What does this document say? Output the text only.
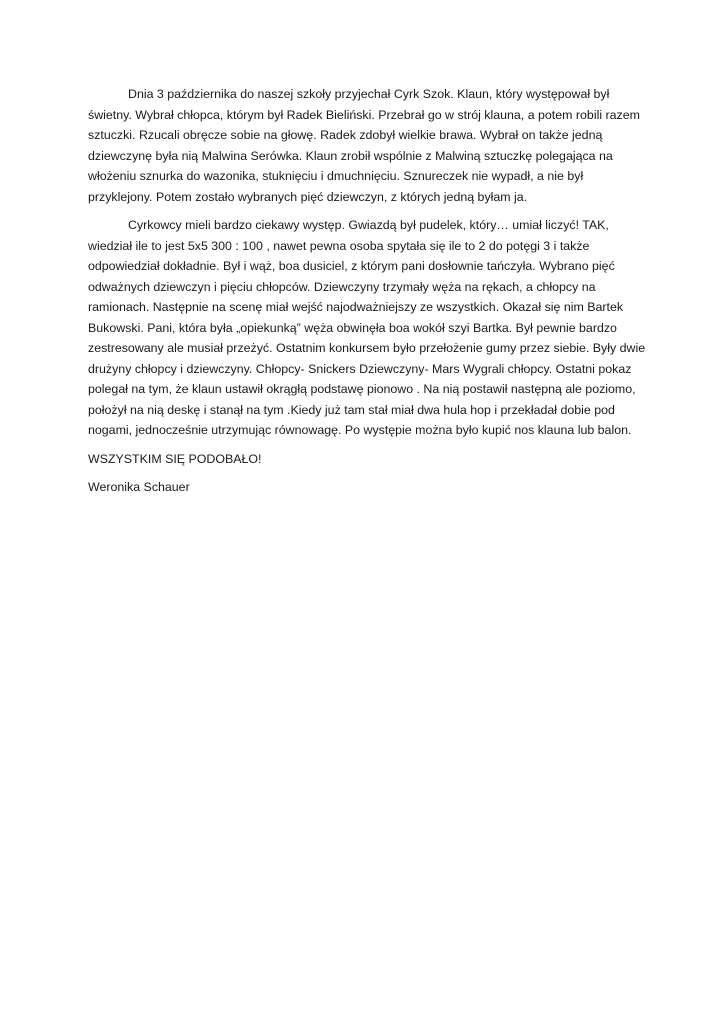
Dnia 3 października do naszej szkoły przyjechał Cyrk Szok. Klaun, który występował był
świetny. Wybrał chłopca, którym był Radek Bieliński. Przebrał go w strój klauna, a potem robili razem
sztuczki. Rzucali obręcze sobie na głowę. Radek zdobył wielkie brawa. Wybrał on także jedną
dziewczynę była nią Malwina Serówka. Klaun zrobił wspólnie z Malwiną sztuczkę polegająca na
włożeniu sznurka do wazonika, stuknięciu i dmuchnięciu. Sznureczek nie wypadł, a nie był
przyklejony. Potem zostało wybranych pięć dziewczyn, z których jedną byłam ja.
Cyrkowcy mieli bardzo ciekawy występ. Gwiazdą był pudelek, który… umiał liczyć! TAK,
wiedział ile to jest 5x5 300 : 100 , nawet pewna osoba spytała się ile to 2 do potęgi 3 i także
odpowiedział dokładnie. Był i wąż, boa dusiciel, z którym pani dosłownie tańczyła. Wybrano pięć
odważnych dziewczyn i pięciu chłopców. Dziewczyny trzymały węża na rękach, a chłopcy na
ramionach. Następnie na scenę miał wejść najodważniejszy ze wszystkich. Okazał się nim Bartek
Bukowski. Pani, która była „opiekunką” węża obwinęła boa wokół szyi Bartka. Był pewnie bardzo
zestresowany ale musiał przeżyć. Ostatnim konkursem było przełożenie gumy przez siebie. Były dwie
drużyny chłopcy i dziewczyny. Chłopcy- Snickers Dziewczyny- Mars Wygrali chłopcy. Ostatni pokaz
polegał na tym, że klaun ustawił okrągłą podstawę pionowo . Na nią postawił następną ale poziomo,
położył na nią deskę i stanął na tym .Kiedy już tam stał miał dwa hula hop i przekładał dobie pod
nogami, jednocześnie utrzymując równowagę. Po występie można było kupić nos klauna lub balon.
WSZYSTKIM SIĘ PODOBAŁO!
Weronika Schauer
